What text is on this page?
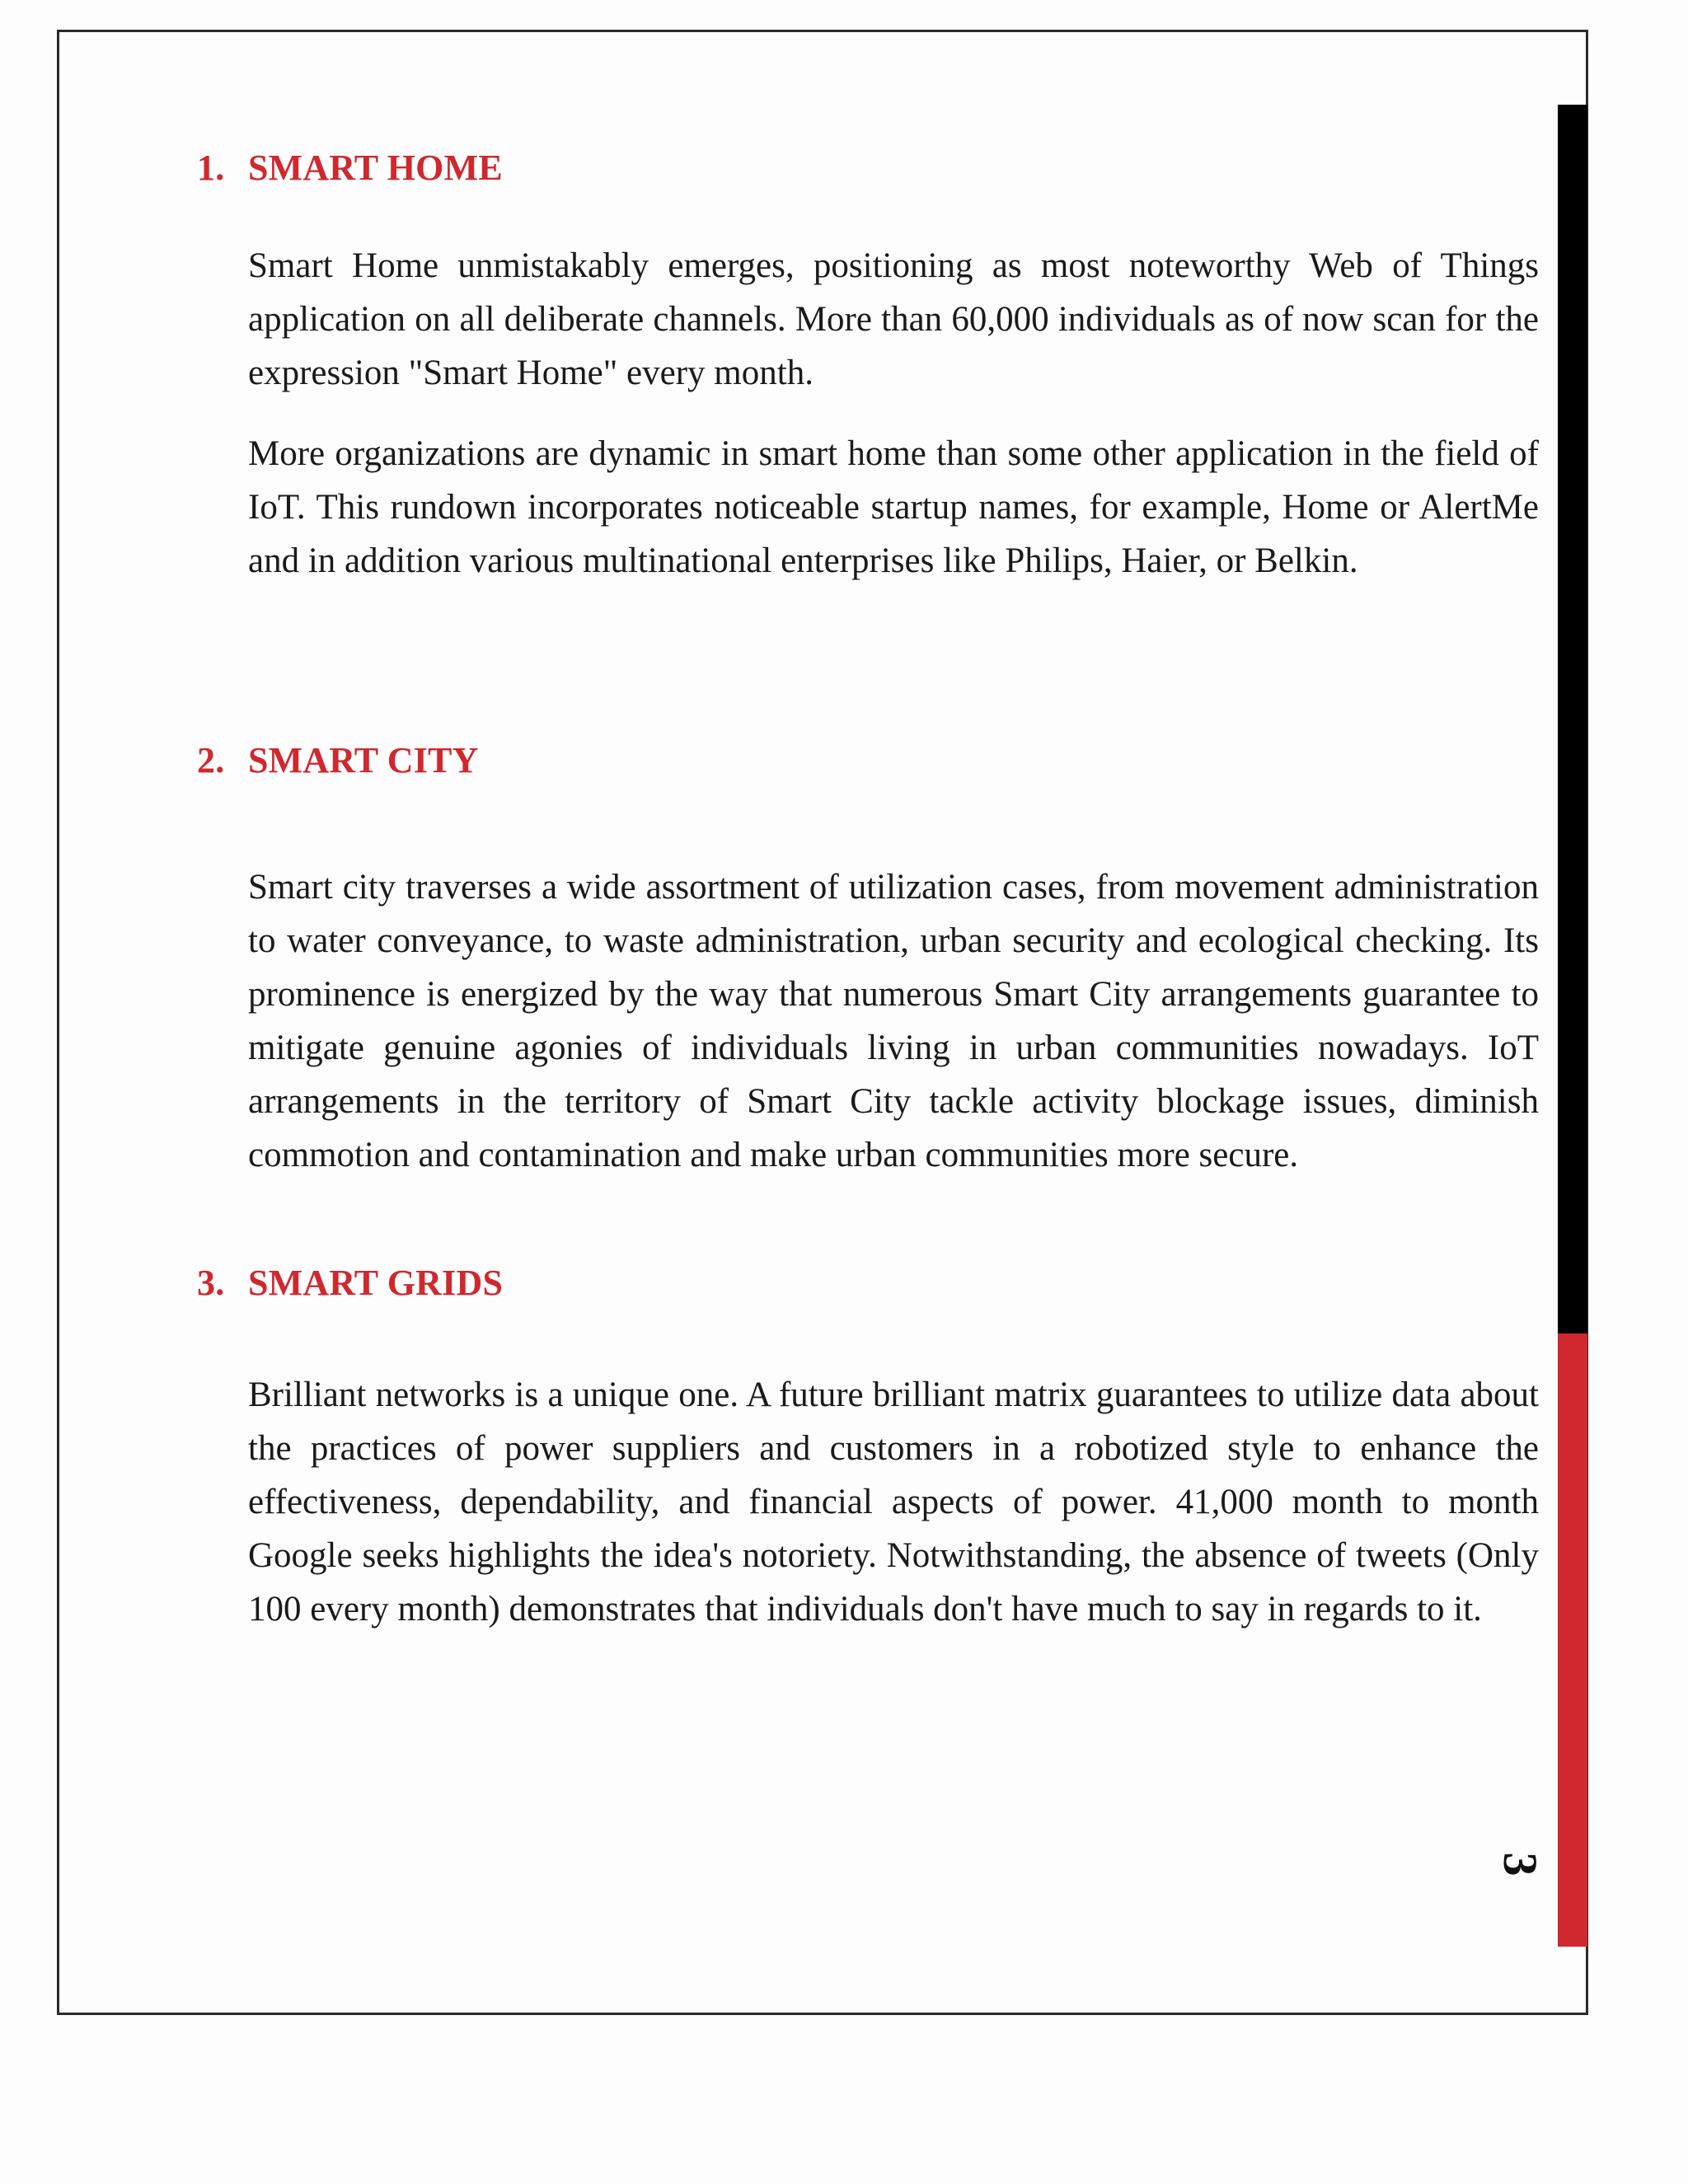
1. SMART HOME

Smart Home unmistakably emerges, positioning as most noteworthy Web of Things application on all deliberate channels. More than 60,000 individuals as of now scan for the expression "Smart Home" every month.

More organizations are dynamic in smart home than some other application in the field of IoT. This rundown incorporates noticeable startup names, for example, Home or AlertMe and in addition various multinational enterprises like Philips, Haier, or Belkin.

2. SMART CITY

Smart city traverses a wide assortment of utilization cases, from movement administration to water conveyance, to waste administration, urban security and ecological checking. Its prominence is energized by the way that numerous Smart City arrangements guarantee to mitigate genuine agonies of individuals living in urban communities nowadays. IoT arrangements in the territory of Smart City tackle activity blockage issues, diminish commotion and contamination and make urban communities more secure.

3. SMART GRIDS

Brilliant networks is a unique one. A future brilliant matrix guarantees to utilize data about the practices of power suppliers and customers in a robotized style to enhance the effectiveness, dependability, and financial aspects of power. 41,000 month to month Google seeks highlights the idea's notoriety. Notwithstanding, the absence of tweets (Only 100 every month) demonstrates that individuals don't have much to say in regards to it.

3
